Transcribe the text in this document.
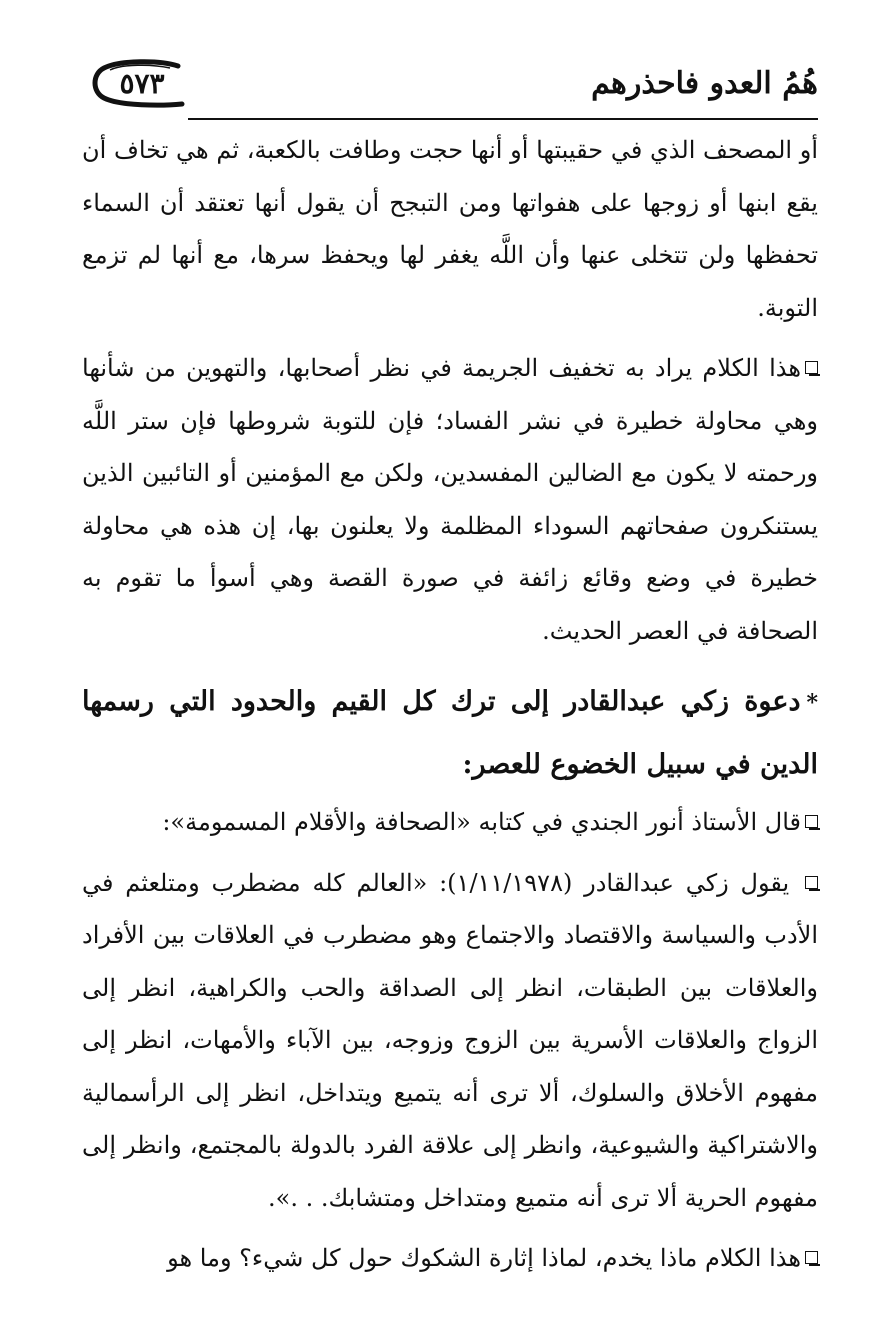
هُمُ العدو فاحذرهم
٥٧٣

أو المصحف الذي في حقيبتها أو أنها حجت وطافت بالكعبة، ثم هي تخاف أن يقع ابنها أو زوجها على هفواتها ومن التبجح أن يقول أنها تعتقد أن السماء تحفظها ولن تتخلى عنها وأن اللَّه يغفر لها ويحفظ سرها، مع أنها لم تزمع التوبة.

هذا الكلام يراد به تخفيف الجريمة في نظر أصحابها، والتهوين من شأنها وهي محاولة خطيرة في نشر الفساد؛ فإن للتوبة شروطها فإن ستر اللَّه ورحمته لا يكون مع الضالين المفسدين، ولكن مع المؤمنين أو التائبين الذين يستنكرون صفحاتهم السوداء المظلمة ولا يعلنون بها، إن هذه هي محاولة خطيرة في وضع وقائع زائفة في صورة القصة وهي أسوأ ما تقوم به الصحافة في العصر الحديث.

*دعوة زكي عبدالقادر إلى ترك كل القيم والحدود التي رسمها الدين في سبيل الخضوع للعصر:

قال الأستاذ أنور الجندي في كتابه «الصحافة والأقلام المسمومة»:

يقول زكي عبدالقادر (١/١١/١٩٧٨): «العالم كله مضطرب ومتلعثم في الأدب والسياسة والاقتصاد والاجتماع وهو مضطرب في العلاقات بين الأفراد والعلاقات بين الطبقات، انظر إلى الصداقة والحب والكراهية، انظر إلى الزواج والعلاقات الأسرية بين الزوج وزوجه، بين الآباء والأمهات، انظر إلى مفهوم الأخلاق والسلوك، ألا ترى أنه يتميع ويتداخل، انظر إلى الرأسمالية والاشتراكية والشيوعية، وانظر إلى علاقة الفرد بالدولة بالمجتمع، وانظر إلى مفهوم الحرية ألا ترى أنه متميع ومتداخل ومتشابك. . .».

هذا الكلام ماذا يخدم، لماذا إثارة الشكوك حول كل شيء؟ وما هو
